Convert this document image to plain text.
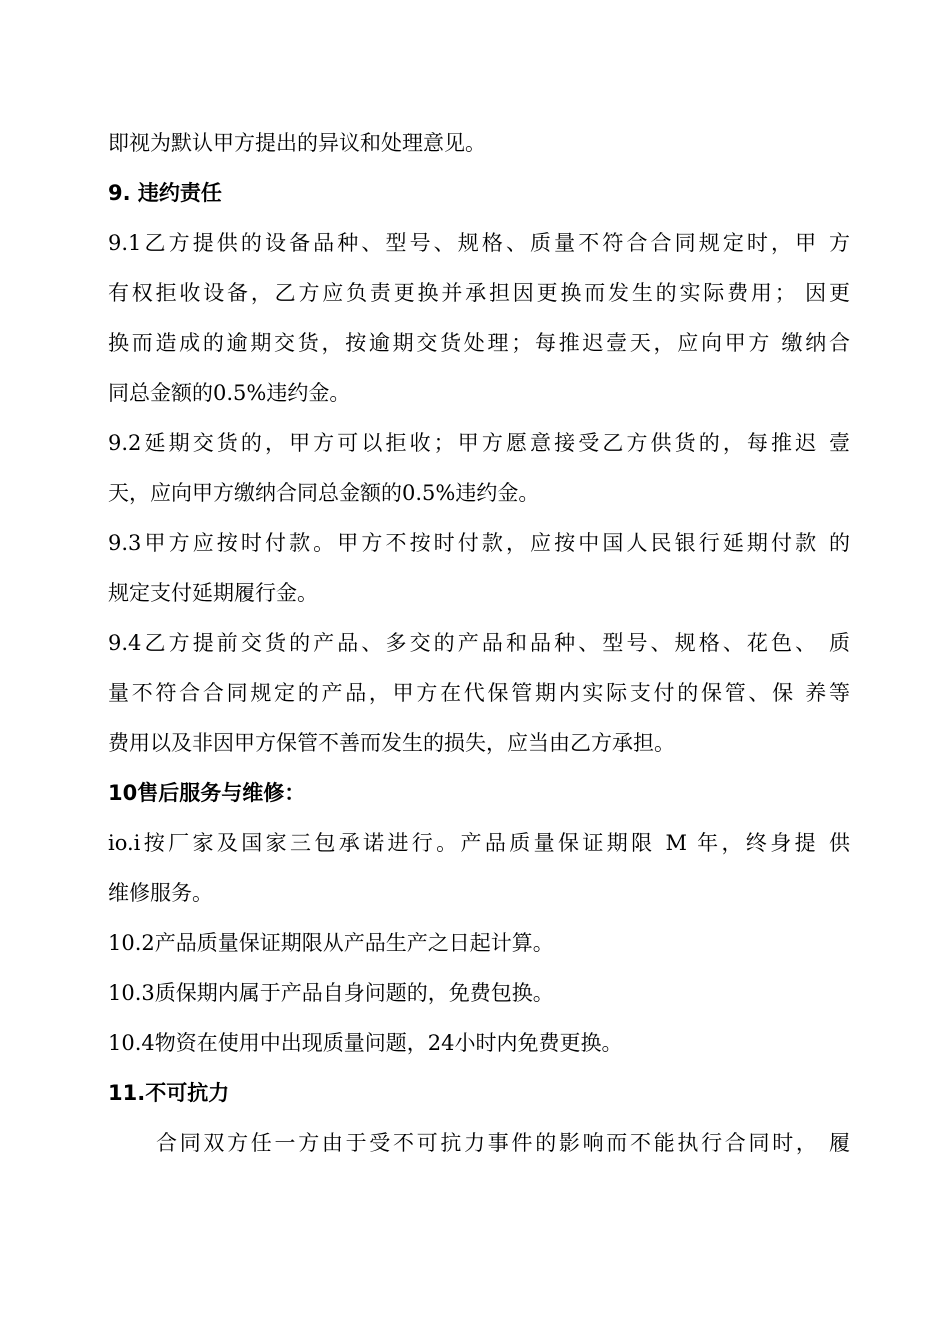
即视为默认甲方提出的异议和处理意见。
9. 违约责任
9.1乙方提供的设备品种、型号、规格、质量不符合合同规定时，甲 方
有权拒收设备，乙方应负责更换并承担因更换而发生的实际费用； 因更
换而造成的逾期交货，按逾期交货处理；每推迟壹天，应向甲方 缴纳合
同总金额的0.5%违约金。
9.2延期交货的，甲方可以拒收；甲方愿意接受乙方供货的，每推迟 壹
天，应向甲方缴纳合同总金额的0.5%违约金。
9.3甲方应按时付款。甲方不按时付款，应按中国人民银行延期付款 的
规定支付延期履行金。
9.4乙方提前交货的产品、多交的产品和品种、型号、规格、花色、 质
量不符合合同规定的产品，甲方在代保管期内实际支付的保管、保 养等
费用以及非因甲方保管不善而发生的损失，应当由乙方承担。
10售后服务与维修：
io.i按厂家及国家三包承诺进行。产品质量保证期限 M 年，终身提 供
维修服务。
10.2产品质量保证期限从产品生产之日起计算。
10.3质保期内属于产品自身问题的，免费包换。
10.4物资在使用中出现质量问题，24小时内免费更换。
11.不可抗力
合同双方任一方由于受不可抗力事件的影响而不能执行合同时， 履
